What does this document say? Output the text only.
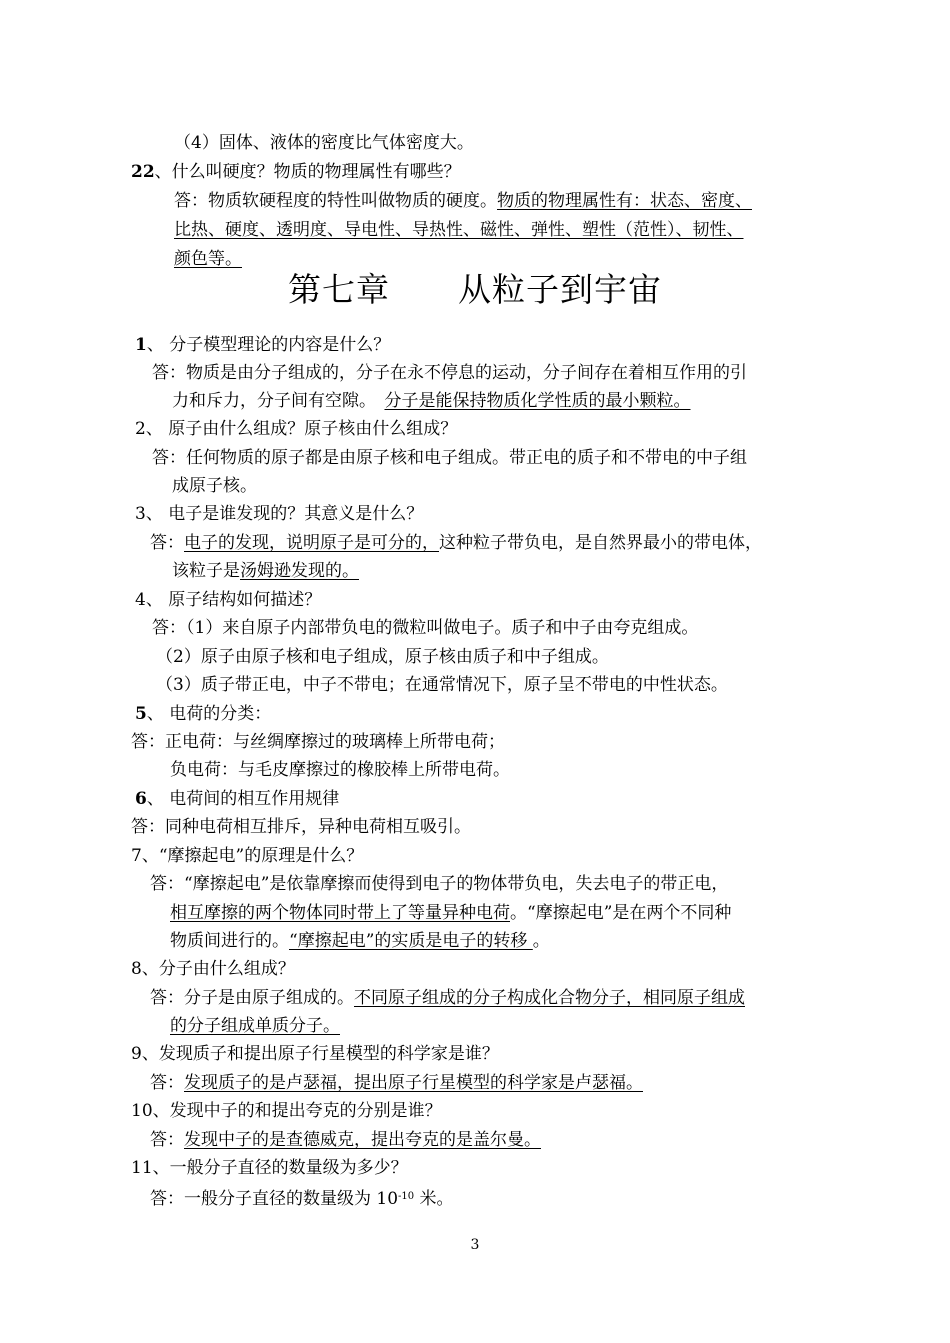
（4）固体、液体的密度比气体密度大。
22、什么叫硬度？物质的物理属性有哪些？
答：物质软硬程度的特性叫做物质的硬度。物质的物理属性有：状态、密度、
比热、硬度、透明度、导电性、导热性、磁性、弹性、塑性（范性）、韧性、
颜色等。
第七章　　从粒子到宇宙
1、 分子模型理论的内容是什么？
答：物质是由分子组成的，分子在永不停息的运动，分子间存在着相互作用的引
力和斥力，分子间有空隙。　 分子是能保持物质化学性质的最小颗粒。
2、 原子由什么组成？原子核由什么组成？
答：任何物质的原子都是由原子核和电子组成。带正电的质子和不带电的中子组
成原子核。
3、 电子是谁发现的？其意义是什么？
答：电子的发现，说明原子是可分的，这种粒子带负电，是自然界最小的带电体，
该粒子是汤姆逊发现的。
4、 原子结构如何描述？
答：（1）来自原子内部带负电的微粒叫做电子。质子和中子由夸克组成。
（2）原子由原子核和电子组成，原子核由质子和中子组成。
（3）质子带正电，中子不带电；在通常情况下，原子呈不带电的中性状态。
5、 电荷的分类：
答：正电荷：与丝绸摩擦过的玻璃棒上所带电荷；
负电荷：与毛皮摩擦过的橡胶棒上所带电荷。
6、 电荷间的相互作用规律
答：同种电荷相互排斥，异种电荷相互吸引。
7、“摩擦起电”的原理是什么？
答：“摩擦起电”是依靠摩擦而使得到电子的物体带负电，失去电子的带正电，
相互摩擦的两个物体同时带上了等量异种电荷。“摩擦起电”是在两个不同种
物质间进行的。“摩擦起电”的实质是电子的转移 。
8、分子由什么组成？
答：分子是由原子组成的。不同原子组成的分子构成化合物分子，相同原子组成
的分子组成单质分子。
9、发现质子和提出原子行星模型的科学家是谁？
答：发现质子的是卢瑟福，提出原子行星模型的科学家是卢瑟福。
10、发现中子的和提出夸克的分别是谁？
答：发现中子的是查德威克，提出夸克的是盖尔曼。
11、一般分子直径的数量级为多少？
答：一般分子直径的数量级为 $10^{-10}$ 米。
3
